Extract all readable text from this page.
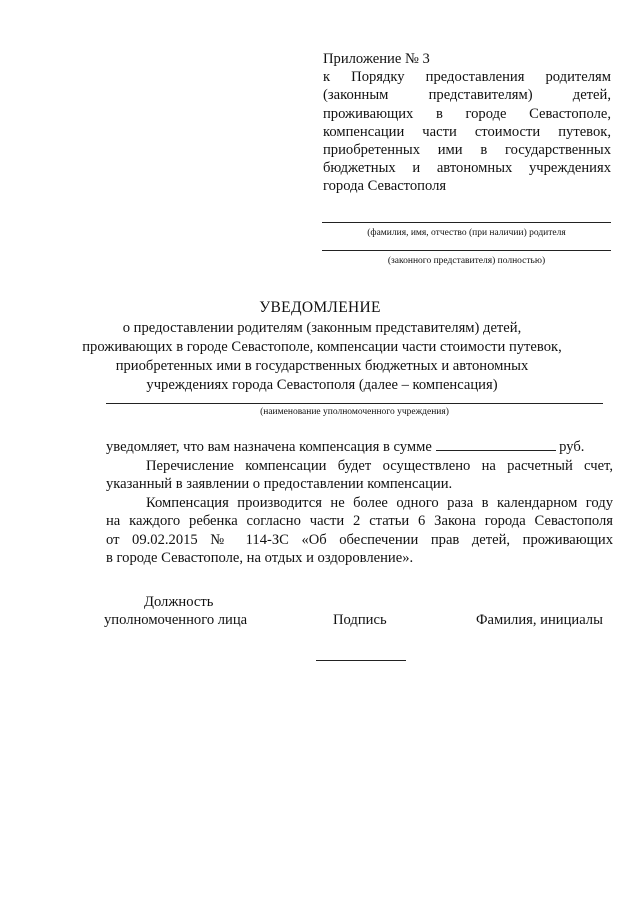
Приложение № 3
к Порядку предоставления родителям
(законным представителям) детей,
проживающих в городе Севастополе,
компенсации части стоимости путевок,
приобретенных ими в государственных
бюджетных и автономных учреждениях
города Севастополя
(фамилия, имя, отчество (при наличии) родителя
(законного представителя) полностью)
УВЕДОМЛЕНИЕ
о предоставлении родителям (законным представителям) детей,
проживающих в городе Севастополе, компенсации части стоимости путевок,
приобретенных ими в государственных бюджетных и автономных
учреждениях города Севастополя (далее – компенсация)
(наименование уполномоченного учреждения)
уведомляет, что вам назначена компенсация в сумме	руб.
Перечисление компенсации будет осуществлено на расчетный счет,
указанный в заявлении о предоставлении компенсации.
Компенсация производится не более одного раза в календарном году
на каждого ребенка согласно части 2 статьи 6 Закона города Севастополя
от 09.02.2015 № 114-ЗС «Об обеспечении прав детей, проживающих
в городе Севастополе, на отдых и оздоровление».
Должность
уполномоченного лица	Подпись	Фамилия, инициалы
